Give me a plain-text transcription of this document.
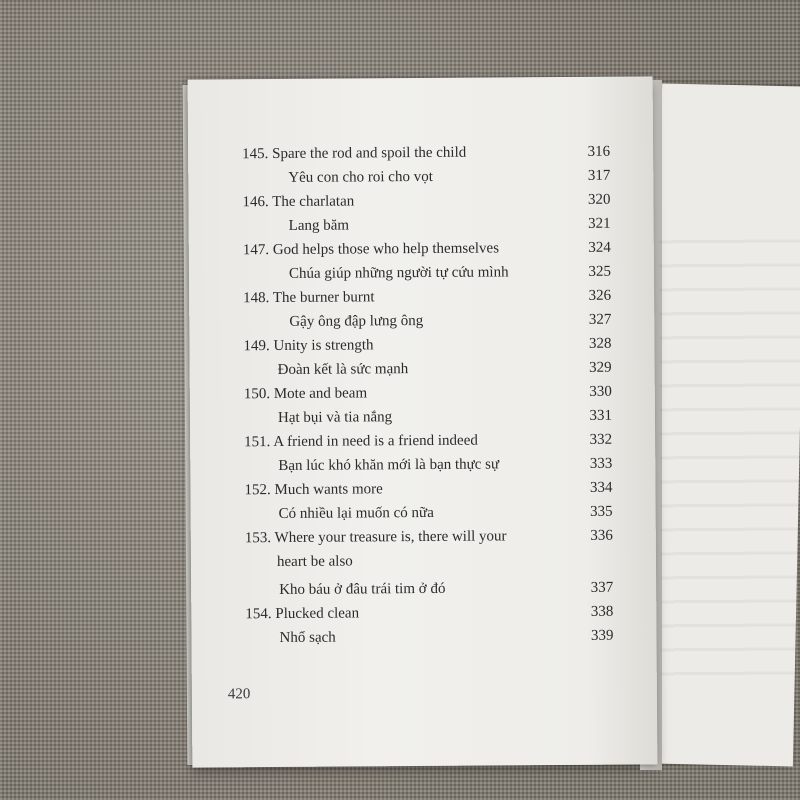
145. Spare the rod and spoil the child	316
Yêu con cho roi cho vọt	317
146. The charlatan	320
Lang băm	321
147. God helps those who help themselves	324
Chúa giúp những người tự cứu mình	325
148. The burner burnt	326
Gậy ông đập lưng ông	327
149. Unity is strength	328
Đoàn kết là sức mạnh	329
150. Mote and beam	330
Hạt bụi và tia nắng	331
151. A friend in need is a friend indeed	332
Bạn lúc khó khăn mới là bạn thực sự	333
152. Much wants more	334
Có nhiều lại muốn có nữa	335
153. Where your treasure is, there will your	336
heart be also
Kho báu ở đâu trái tim ở đó	337
154. Plucked clean	338
Nhổ sạch	339
420
